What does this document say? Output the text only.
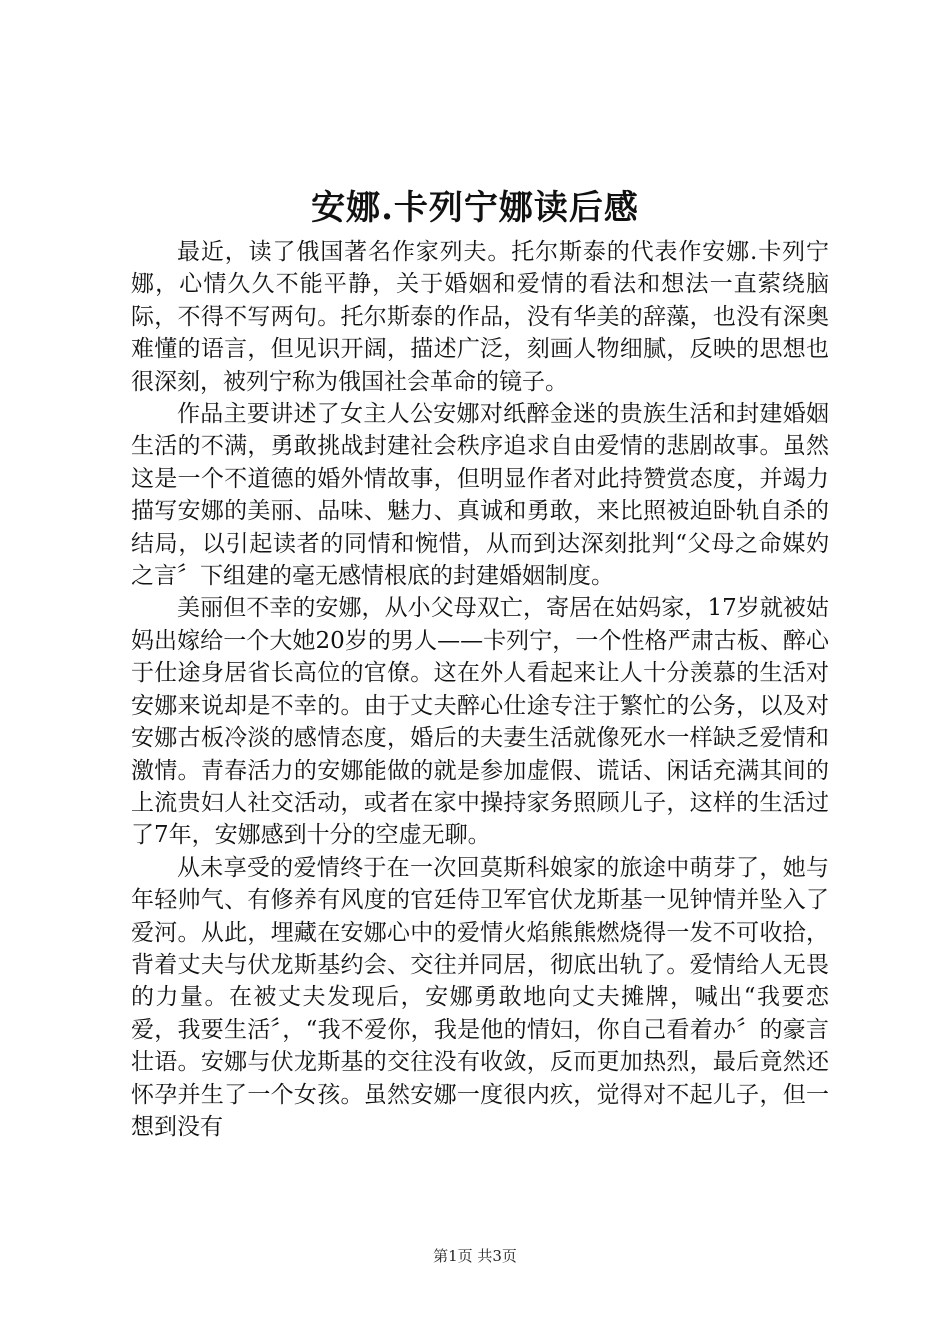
安娜.卡列宁娜读后感

最近，读了俄国著名作家列夫。托尔斯泰的代表作安娜.卡列宁娜，心情久久不能平静，关于婚姻和爱情的看法和想法一直萦绕脑际，不得不写两句。托尔斯泰的作品，没有华美的辞藻，也没有深奥难懂的语言，但见识开阔，描述广泛，刻画人物细腻，反映的思想也很深刻，被列宁称为俄国社会革命的镜子。

作品主要讲述了女主人公安娜对纸醉金迷的贵族生活和封建婚姻生活的不满，勇敢挑战封建社会秩序追求自由爱情的悲剧故事。虽然这是一个不道德的婚外情故事，但明显作者对此持赞赏态度，并竭力描写安娜的美丽、品味、魅力、真诚和勇敢，来比照被迫卧轨自杀的结局，以引起读者的同情和惋惜，从而到达深刻批判“父母之命媒妁之言〞下组建的毫无感情根底的封建婚姻制度。

美丽但不幸的安娜，从小父母双亡，寄居在姑妈家，17岁就被姑妈出嫁给一个大她20岁的男人——卡列宁，一个性格严肃古板、醉心于仕途身居省长高位的官僚。这在外人看起来让人十分羡慕的生活对安娜来说却是不幸的。由于丈夫醉心仕途专注于繁忙的公务，以及对安娜古板冷淡的感情态度，婚后的夫妻生活就像死水一样缺乏爱情和激情。青春活力的安娜能做的就是参加虚假、谎话、闲话充满其间的上流贵妇人社交活动，或者在家中操持家务照顾儿子，这样的生活过了7年，安娜感到十分的空虚无聊。

从未享受的爱情终于在一次回莫斯科娘家的旅途中萌芽了，她与年轻帅气、有修养有风度的官廷侍卫军官伏龙斯基一见钟情并坠入了爱河。从此，埋藏在安娜心中的爱情火焰熊熊燃烧得一发不可收拾，背着丈夫与伏龙斯基约会、交往并同居，彻底出轨了。爱情给人无畏的力量。在被丈夫发现后，安娜勇敢地向丈夫摊牌，喊出“我要恋爱，我要生活〞，“我不爱你，我是他的情妇，你自己看着办〞的豪言壮语。安娜与伏龙斯基的交往没有收敛，反而更加热烈，最后竟然还怀孕并生了一个女孩。虽然安娜一度很内疚，觉得对不起儿子，但一想到没有

第1页 共3页
